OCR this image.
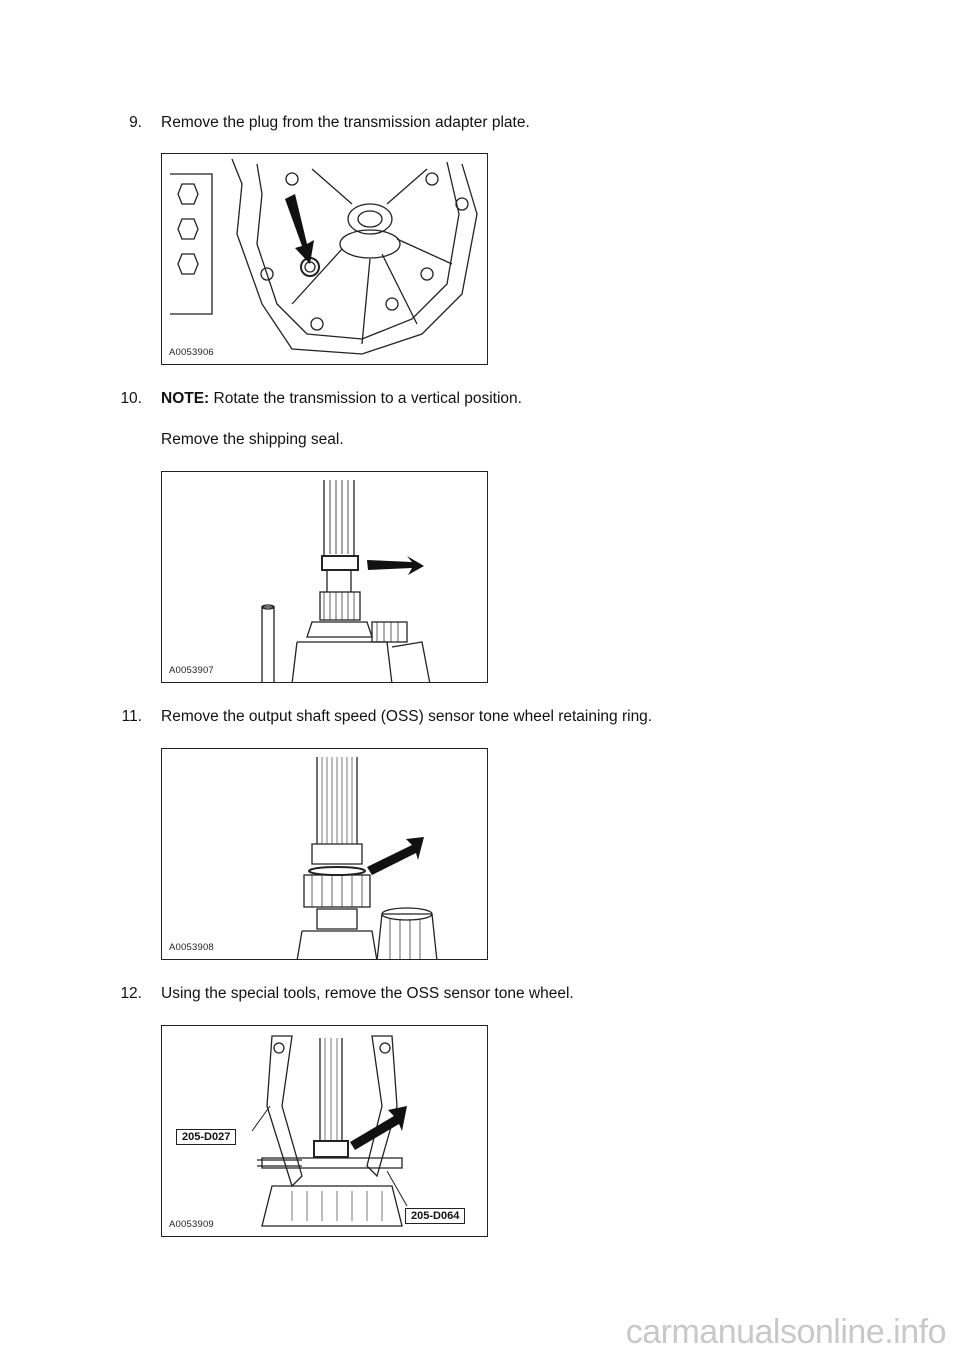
9. Remove the plug from the transmission adapter plate.
A0053906
10. NOTE: Rotate the transmission to a vertical position.
Remove the shipping seal.
A0053907
11. Remove the output shaft speed (OSS) sensor tone wheel retaining ring.
A0053908
12. Using the special tools, remove the OSS sensor tone wheel.
205-D027
205-D064
A0053909
carmanualsonline.info
